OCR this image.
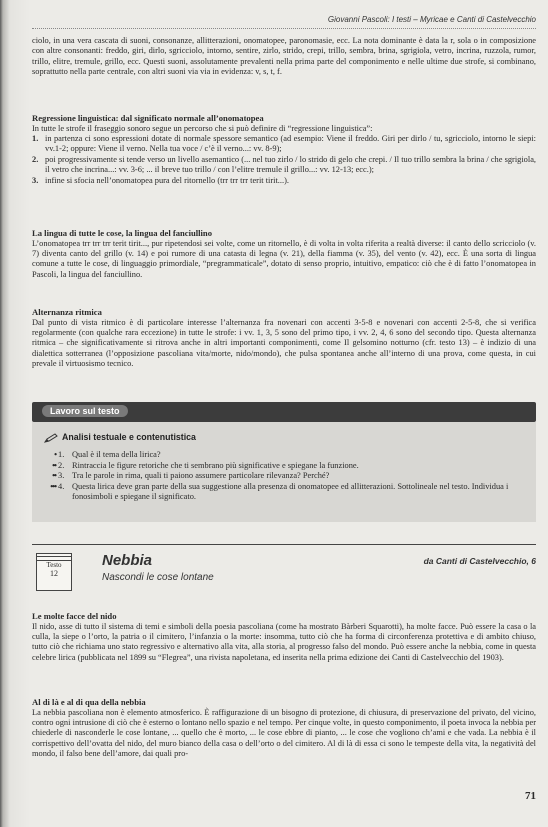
Giovanni Pascoli: I testi – Myricae e Canti di Castelvecchio

ciolo, in una vera cascata di suoni, consonanze, allitterazioni, onomatopee, paronomasie, ecc. La nota dominante è data la r, sola o in composizione con altre consonanti: freddo, giri, dirlo, sgricciolo, intorno, sentire, zirlo, strido, crepi, trillo, sembra, brina, sgrigiola, vetro, incrina, ruzzola, rumor, trillo, elitre, tremule, grillo, ecc. Questi suoni, assolutamente prevalenti nella prima parte del componimento e nelle ultime due strofe, si combinano, soprattutto nella parte centrale, con altri suoni via via in evidenza: v, s, t, f.

Regressione linguistica: dal significato normale all’onomatopea

In tutte le strofe il fraseggio sonoro segue un percorso che si può definire di “regressione linguistica”:

1. in partenza ci sono espressioni dotate di normale spessore semantico (ad esempio: Viene il freddo. Giri per dirlo / tu, sgricciolo, intorno le siepi: vv.1-2; oppure: Viene il verno. Nella tua voce / c’è il verno...: vv. 8-9);
2. poi progressivamente si tende verso un livello asemantico (... nel tuo zirlo / lo strido di gelo che crepi. / Il tuo trillo sembra la brina / che sgrigiola, il vetro che incrina...: vv. 3-6; ... il breve tuo trillo / con l’elitre tremule il grillo...: vv. 12-13; ecc.);
3. infine si sfocia nell’onomatopea pura del ritornello (trr trr trr terit tirit...).

La lingua di tutte le cose, la lingua del fanciullino

L’onomatopea trr trr trr terit tirit..., pur ripetendosi sei volte, come un ritornello, è di volta in volta riferita a realtà diverse: il canto dello scricciolo (v. 7) diventa canto del grillo (v. 14) e poi rumore di una catasta di legna (v. 21), della fiamma (v. 35), del vento (v. 42), ecc. È una sorta di lingua comune a tutte le cose, di linguaggio primordiale, “pregrammaticale”, dotato di senso proprio, intuitivo, empatico: ciò che è di fatto l’onomatopea in Pascoli, la lingua del fanciullino.

Alternanza ritmica

Dal punto di vista ritmico è di particolare interesse l’alternanza fra novenari con accenti 3-5-8 e novenari con accenti 2-5-8, che si verifica regolarmente (con qualche rara eccezione) in tutte le strofe: i vv. 1, 3, 5 sono del primo tipo, i vv. 2, 4, 6 sono del secondo tipo. Questa alternanza ritmica – che significativamente si ritrova anche in altri importanti componimenti, come Il gelsomino notturno (cfr. testo 13) – è indizio di una dialettica sotterranea (l’opposizione pascoliana vita/morte, nido/mondo), che pulsa spontanea anche all’interno di una prova, come questa, in cui prevale il virtuosismo tecnico.

Lavoro sul testo
Analisi testuale e contenutistica
• 1. Qual è il tema della lirica?
•• 2. Rintraccia le figure retoriche che ti sembrano più significative e spiegane la funzione.
•• 3. Tra le parole in rima, quali ti paiono assumere particolare rilevanza? Perché?
••• 4. Questa lirica deve gran parte della sua suggestione alla presenza di onomatopee ed allitterazioni. Sottolineale nel testo. Individua i fonosimboli e spiegane il significato.
Testo
12
Nebbia
Nascondi le cose lontane
da Canti di Castelvecchio, 6

Le molte facce del nido

Il nido, asse di tutto il sistema di temi e simboli della poesia pascoliana (come ha mostrato Bàrberi Squarotti), ha molte facce. Può essere la casa o la culla, la siepe o l’orto, la patria o il cimitero, l’infanzia o la morte: insomma, tutto ciò che ha forma di circonferenza protettiva e di ambito chiuso, tutto ciò che richiama uno stato regressivo e alternativo alla vita, alla storia, al progresso falso del mondo. Può essere anche la nebbia, come in questa celebre lirica (pubblicata nel 1899 su “Flegrea”, una rivista napoletana, ed inserita nella prima edizione dei Canti di Castelvecchio del 1903).

Al di là e al di qua della nebbia

La nebbia pascoliana non è elemento atmosferico. È raffigurazione di un bisogno di protezione, di chiusura, di preservazione del privato, del vicino, contro ogni intrusione di ciò che è esterno o lontano nello spazio e nel tempo. Per cinque volte, in questo componimento, il poeta invoca la nebbia per chiederle di nasconderle le cose lontane, ... quello che è morto, ... le cose ebbre di pianto, ... le cose che vogliono ch’ami e che vada. La nebbia è il corrispettivo dell’ovatta del nido, del muro bianco della casa o dell’orto o del cimitero. Al di là di essa ci sono le tempeste della vita, la negatività del mondo, il falso bene dell’amore, dai quali pro-

71
